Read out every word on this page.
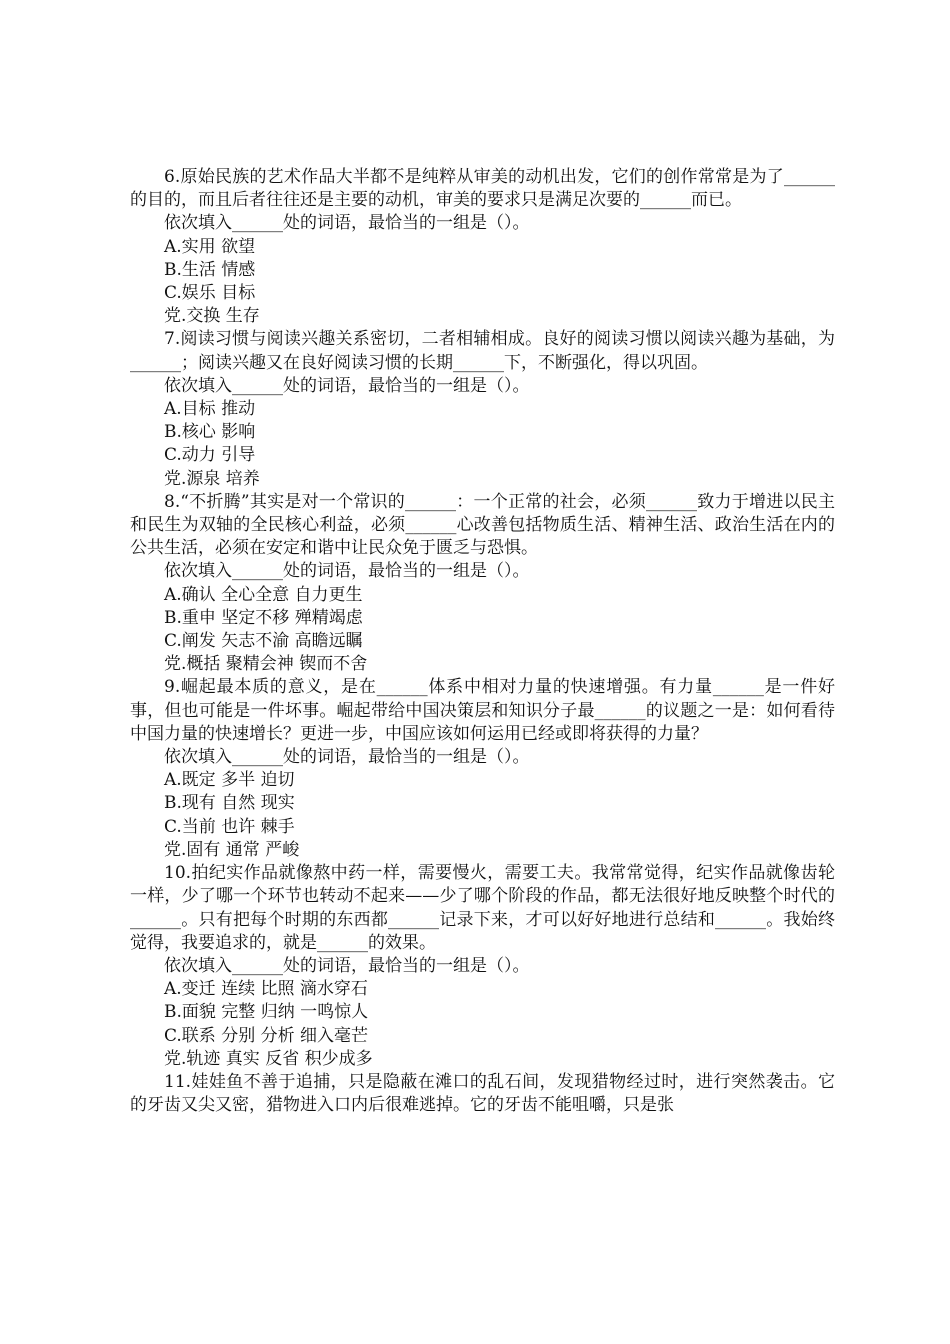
6.原始民族的艺术作品大半都不是纯粹从审美的动机出发，它们的创作常常是为了______的目的，而且后者往往还是主要的动机，审美的要求只是满足次要的______而已。

依次填入______处的词语，最恰当的一组是（）。

A.实用 欲望

B.生活 情感

C.娱乐 目标

党.交换 生存

7.阅读习惯与阅读兴趣关系密切，二者相辅相成。良好的阅读习惯以阅读兴趣为基础，为______；阅读兴趣又在良好阅读习惯的长期______下，不断强化，得以巩固。

依次填入______处的词语，最恰当的一组是（）。

A.目标 推动

B.核心 影响

C.动力 引导

党.源泉 培养

8.“不折腾”其实是对一个常识的______：一个正常的社会，必须______致力于增进以民主和民生为双轴的全民核心利益，必须______心改善包括物质生活、精神生活、政治生活在内的公共生活，必须在安定和谐中让民众免于匮乏与恐惧。

依次填入______处的词语，最恰当的一组是（）。

A.确认 全心全意 自力更生

B.重申 坚定不移 殚精竭虑

C.阐发 矢志不渝 高瞻远瞩

党.概括 聚精会神 锲而不舍

9.崛起最本质的意义，是在______体系中相对力量的快速增强。有力量______是一件好事，但也可能是一件坏事。崛起带给中国决策层和知识分子最______的议题之一是：如何看待中国力量的快速增长？更进一步，中国应该如何运用已经或即将获得的力量？

依次填入______处的词语，最恰当的一组是（）。

A.既定 多半 迫切

B.现有 自然 现实

C.当前 也许 棘手

党.固有 通常 严峻

10.拍纪实作品就像熬中药一样，需要慢火，需要工夫。我常常觉得，纪实作品就像齿轮一样，少了哪一个环节也转动不起来——少了哪个阶段的作品，都无法很好地反映整个时代的______。只有把每个时期的东西都______记录下来，才可以好好地进行总结和______。我始终觉得，我要追求的，就是______的效果。

依次填入______处的词语，最恰当的一组是（）。

A.变迁 连续 比照 滴水穿石

B.面貌 完整 归纳 一鸣惊人

C.联系 分别 分析 细入毫芒

党.轨迹 真实 反省 积少成多

11.娃娃鱼不善于追捕，只是隐蔽在滩口的乱石间，发现猎物经过时，进行突然袭击。它的牙齿又尖又密，猎物进入口内后很难逃掉。它的牙齿不能咀嚼，只是张
